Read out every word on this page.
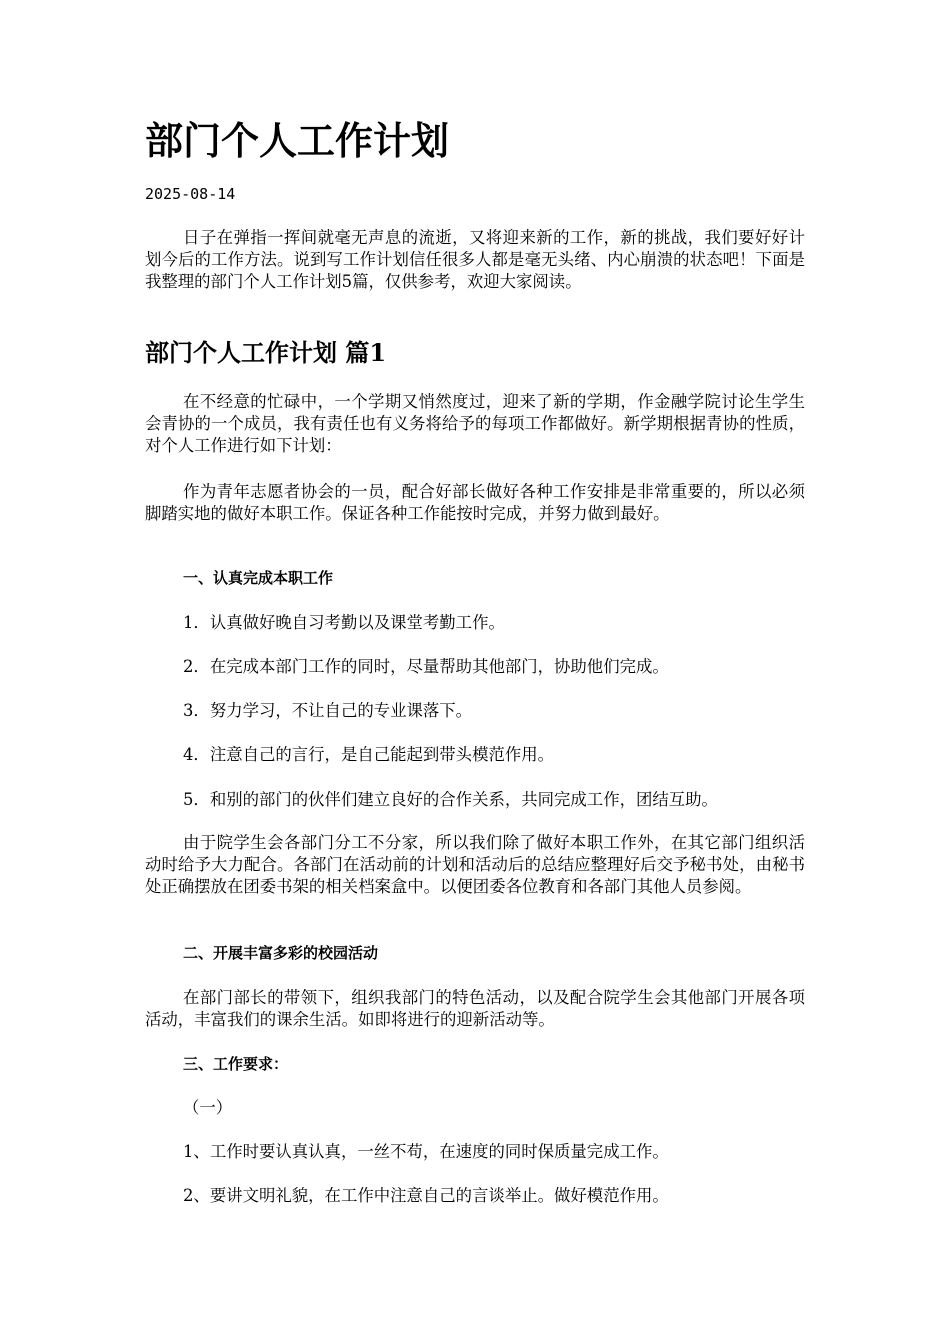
部门个人工作计划
2025-08-14

日子在弹指一挥间就毫无声息的流逝，又将迎来新的工作，新的挑战，我们要好好计划今后的工作方法。说到写工作计划信任很多人都是毫无头绪、内心崩溃的状态吧！下面是我整理的部门个人工作计划5篇，仅供参考，欢迎大家阅读。

部门个人工作计划 篇1

在不经意的忙碌中，一个学期又悄然度过，迎来了新的学期，作金融学院讨论生学生会青协的一个成员，我有责任也有义务将给予的每项工作都做好。新学期根据青协的性质，对个人工作进行如下计划：

作为青年志愿者协会的一员，配合好部长做好各种工作安排是非常重要的，所以必须脚踏实地的做好本职工作。保证各种工作能按时完成，并努力做到最好。

一、认真完成本职工作

1．认真做好晚自习考勤以及课堂考勤工作。

2．在完成本部门工作的同时，尽量帮助其他部门，协助他们完成。

3．努力学习，不让自己的专业课落下。

4．注意自己的言行，是自己能起到带头模范作用。

5．和别的部门的伙伴们建立良好的合作关系，共同完成工作，团结互助。

由于院学生会各部门分工不分家，所以我们除了做好本职工作外，在其它部门组织活动时给予大力配合。各部门在活动前的计划和活动后的总结应整理好后交予秘书处，由秘书处正确摆放在团委书架的相关档案盒中。以便团委各位教育和各部门其他人员参阅。

二、开展丰富多彩的校园活动

在部门部长的带领下，组织我部门的特色活动，以及配合院学生会其他部门开展各项活动，丰富我们的课余生活。如即将进行的迎新活动等。

三、工作要求：

（一）

1、工作时要认真认真，一丝不苟，在速度的同时保质量完成工作。

2、要讲文明礼貌，在工作中注意自己的言谈举止。做好模范作用。
